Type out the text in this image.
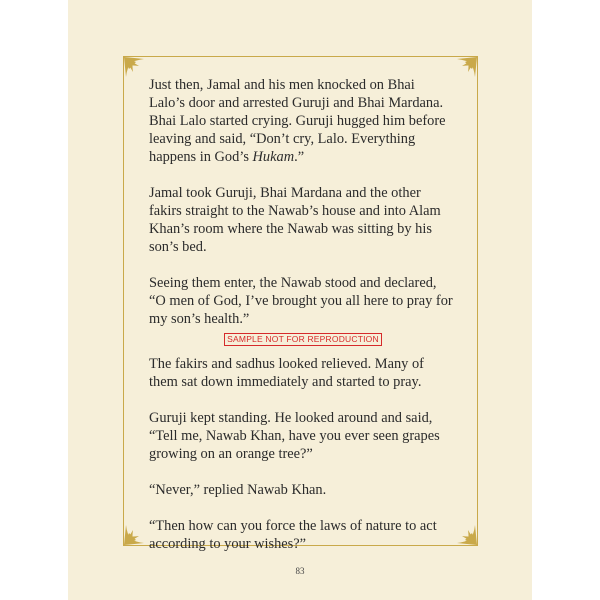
Just then, Jamal and his men knocked on Bhai Lalo’s door and arrested Guruji and Bhai Mardana. Bhai Lalo started crying. Guruji hugged him before leaving and said, “Don’t cry, Lalo. Everything happens in God’s Hukam.”

Jamal took Guruji, Bhai Mardana and the other fakirs straight to the Nawab’s house and into Alam Khan’s room where the Nawab was sitting by his son’s bed.

Seeing them enter, the Nawab stood and declared, “O men of God, I’ve brought you all here to pray for my son’s health.”

SAMPLE NOT FOR REPRODUCTION

The fakirs and sadhus looked relieved. Many of them sat down immediately and started to pray.

Guruji kept standing. He looked around and said, “Tell me, Nawab Khan, have you ever seen grapes growing on an orange tree?”

“Never,” replied Nawab Khan.

“Then how can you force the laws of nature to act according to your wishes?”

83
